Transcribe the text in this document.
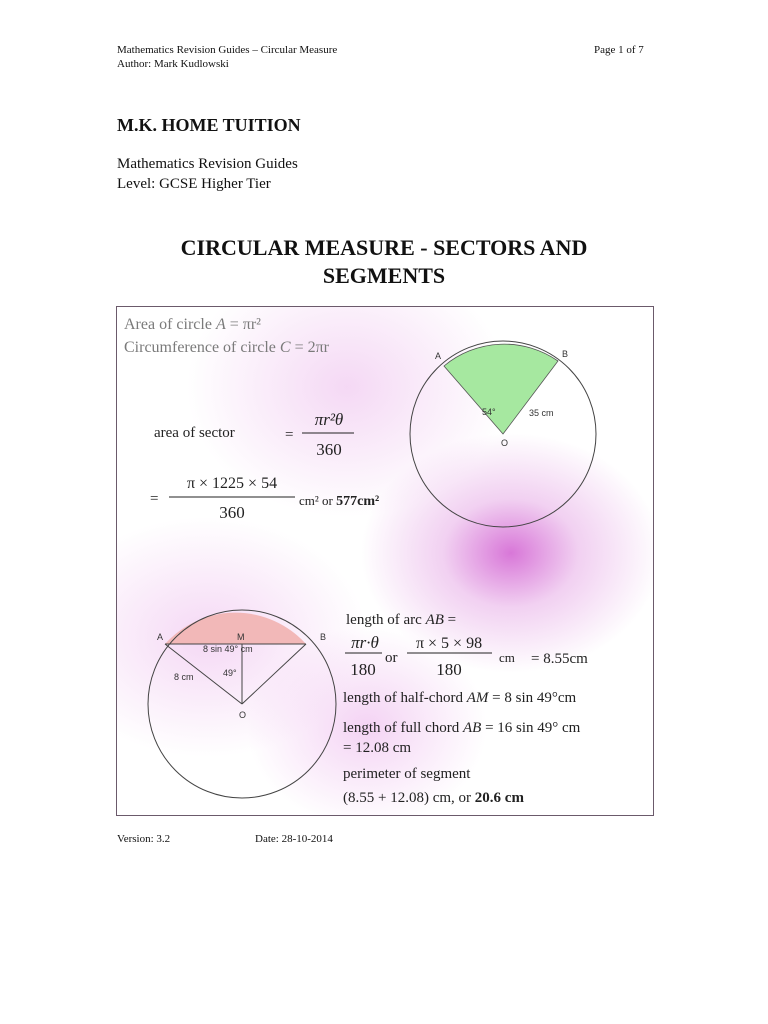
Mathematics Revision Guides – Circular Measure
Author: Mark Kudlowski
Page 1 of 7
M.K. HOME TUITION
Mathematics Revision Guides
Level: GCSE Higher Tier
CIRCULAR MEASURE - SECTORS AND
SEGMENTS
Area of circle A = πr²
Circumference of circle C = 2πr
area of sector	=
πr²θ
360
=
π × 1225 × 54
360
cm² or 577cm²
A	B
O
54°	35 cm
A	M	B
O
8 sin 49° cm
8 cm	49°
length of arc AB =
πr·θ
180
or
π × 5 × 98
180
cm = 8.55cm
length of half-chord AM = 8 sin 49°cm
length of full chord AB = 16 sin 49° cm
= 12.08 cm
perimeter of segment
(8.55 + 12.08) cm, or 20.6 cm
Version: 3.2	Date: 28-10-2014
